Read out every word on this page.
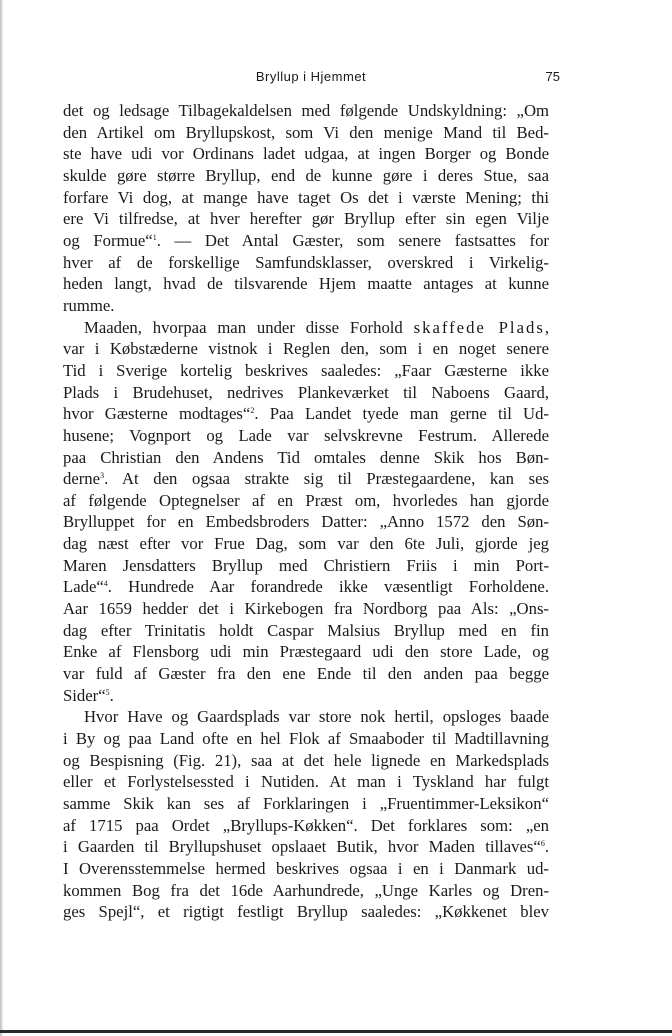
Bryllup i Hjemmet	75
det og ledsage Tilbagekaldelsen med følgende Undskyldning: „Om
den Artikel om Bryllupskost, som Vi den menige Mand til Bed-
ste have udi vor Ordinans ladet udgaa, at ingen Borger og Bonde
skulde gøre større Bryllup, end de kunne gøre i deres Stue, saa
forfare Vi dog, at mange have taget Os det i værste Mening; thi
ere Vi tilfredse, at hver herefter gør Bryllup efter sin egen Vilje
og Formue“$^1$. — Det Antal Gæster, som senere fastsattes for
hver af de forskellige Samfundsklasser, overskred i Virkelig-
heden langt, hvad de tilsvarende Hjem maatte antages at kunne
rumme.
Maaden, hvorpaa man under disse Forhold skaffede Plads,
var i Købstæderne vistnok i Reglen den, som i en noget senere
Tid i Sverige kortelig beskrives saaledes: „Faar Gæsterne ikke
Plads i Brudehuset, nedrives Plankeværket til Naboens Gaard,
hvor Gæsterne modtages“$^2$. Paa Landet tyede man gerne til Ud-
husene; Vognport og Lade var selvskrevne Festrum. Allerede
paa Christian den Andens Tid omtales denne Skik hos Bøn-
derne$^3$. At den ogsaa strakte sig til Præstegaardene, kan ses
af følgende Optegnelser af en Præst om, hvorledes han gjorde
Brylluppet for en Embedsbroders Datter: „Anno 1572 den Søn-
dag næst efter vor Frue Dag, som var den 6te Juli, gjorde jeg
Maren Jensdatters Bryllup med Christiern Friis i min Port-
Lade“$^4$. Hundrede Aar forandrede ikke væsentligt Forholdene.
Aar 1659 hedder det i Kirkebogen fra Nordborg paa Als: „Ons-
dag efter Trinitatis holdt Caspar Malsius Bryllup med en fin
Enke af Flensborg udi min Præstegaard udi den store Lade, og
var fuld af Gæster fra den ene Ende til den anden paa begge
Sider“$^5$.
Hvor Have og Gaardsplads var store nok hertil, opsloges baade
i By og paa Land ofte en hel Flok af Smaaboder til Madtillavning
og Bespisning (Fig. 21), saa at det hele lignede en Markedsplads
eller et Forlystelsessted i Nutiden. At man i Tyskland har fulgt
samme Skik kan ses af Forklaringen i „Fruentimmer-Leksikon“
af 1715 paa Ordet „Bryllups-Køkken“. Det forklares som: „en
i Gaarden til Bryllupshuset opslaaet Butik, hvor Maden tillaves“$^6$.
I Overensstemmelse hermed beskrives ogsaa i en i Danmark ud-
kommen Bog fra det 16de Aarhundrede, „Unge Karles og Dren-
ges Spejl“, et rigtigt festligt Bryllup saaledes: „Køkkenet blev
